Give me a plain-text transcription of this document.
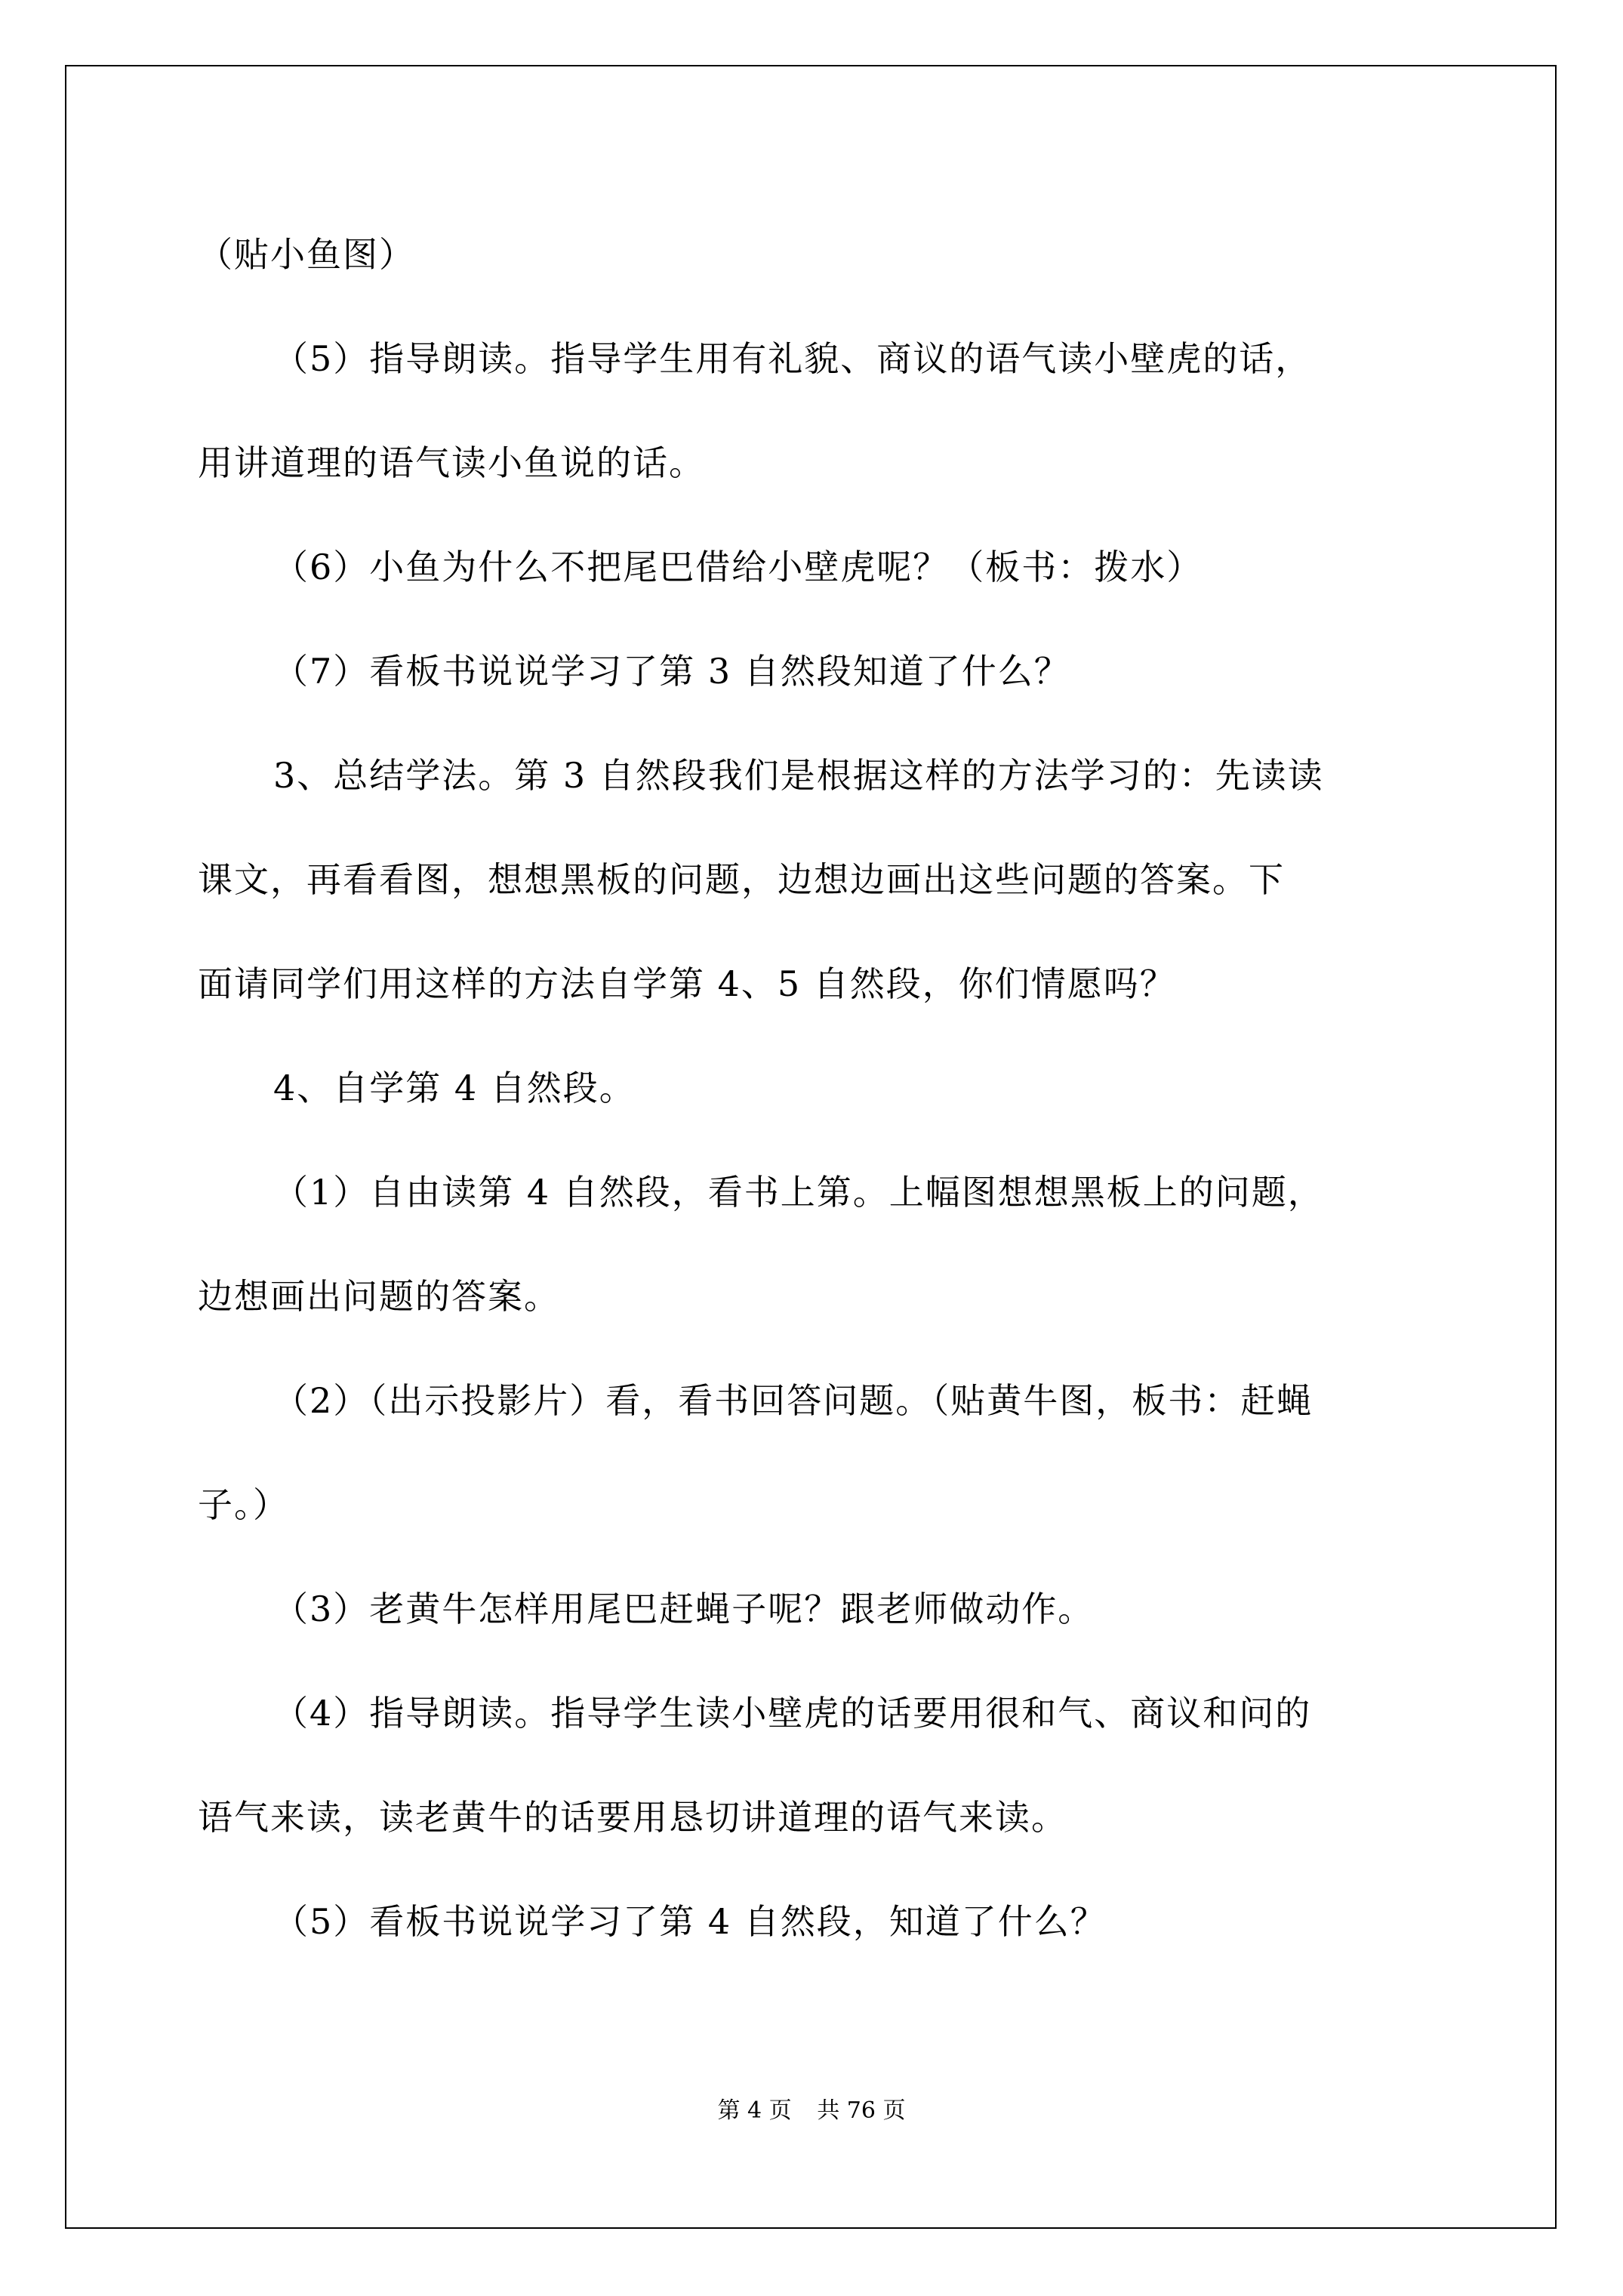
（贴小鱼图）
（5）指导朗读。指导学生用有礼貌、商议的语气读小壁虎的话，
用讲道理的语气读小鱼说的话。
（6）小鱼为什么不把尾巴借给小壁虎呢？（板书：拨水）
（7）看板书说说学习了第 3 自然段知道了什么？
3、总结学法。第 3 自然段我们是根据这样的方法学习的：先读读
课文，再看看图，想想黑板的问题，边想边画出这些问题的答案。下
面请同学们用这样的方法自学第 4、5 自然段，你们情愿吗？
4、自学第 4 自然段。
（1）自由读第 4 自然段，看书上第。上幅图想想黑板上的问题，
边想画出问题的答案。
（2）（出示投影片）看，看书回答问题。（贴黄牛图，板书：赶蝇
子。）
（3）老黄牛怎样用尾巴赶蝇子呢？跟老师做动作。
（4）指导朗读。指导学生读小壁虎的话要用很和气、商议和问的
语气来读，读老黄牛的话要用恳切讲道理的语气来读。
（5）看板书说说学习了第 4 自然段，知道了什么？
第 4 页 共 76 页
